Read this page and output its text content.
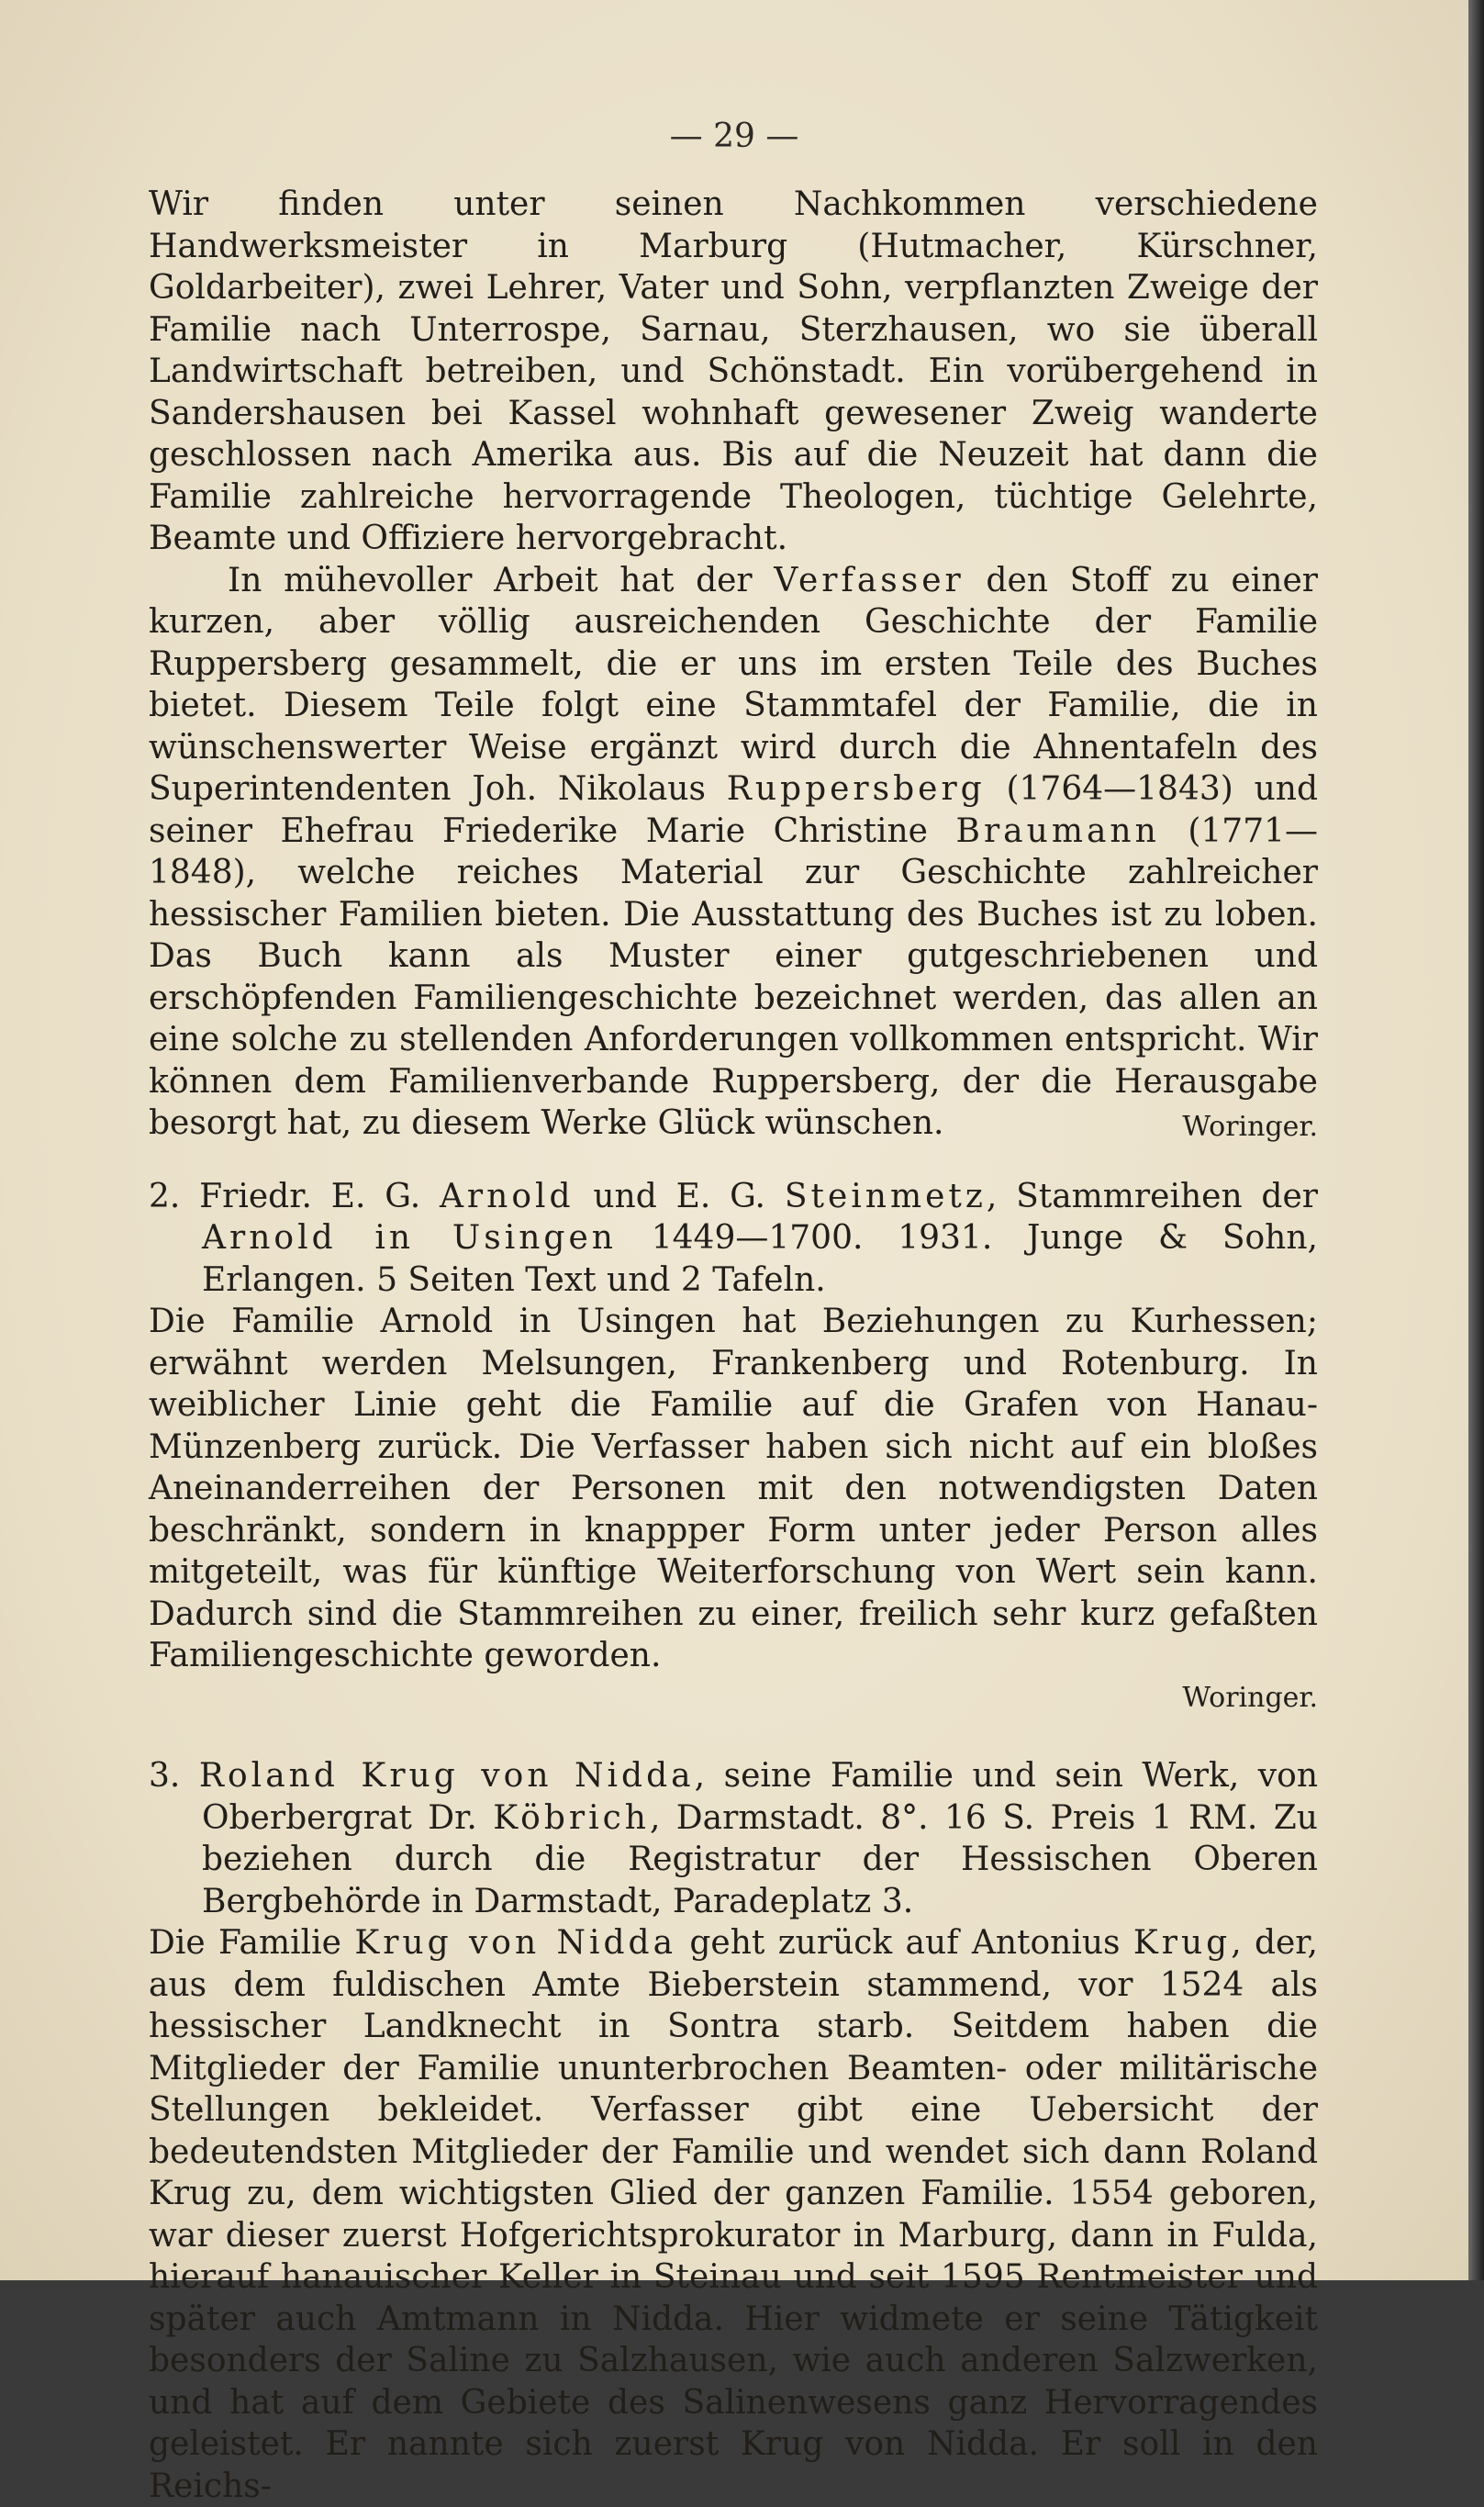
— 29 —

Wir finden unter seinen Nachkommen verschiedene Handwerksmeister in Marburg (Hutmacher, Kürschner, Goldarbeiter), zwei Lehrer, Vater und Sohn, verpflanzten Zweige der Familie nach Unterrospe, Sarnau, Sterzhausen, wo sie überall Landwirtschaft betreiben, und Schönstadt. Ein vorübergehend in Sandershausen bei Kassel wohnhaft gewesener Zweig wanderte geschlossen nach Amerika aus. Bis auf die Neuzeit hat dann die Familie zahlreiche hervorragende Theologen, tüchtige Gelehrte, Beamte und Offiziere hervorgebracht.

In mühevoller Arbeit hat der Verfasser den Stoff zu einer kurzen, aber völlig ausreichenden Geschichte der Familie Ruppersberg gesammelt, die er uns im ersten Teile des Buches bietet. Diesem Teile folgt eine Stammtafel der Familie, die in wünschenswerter Weise ergänzt wird durch die Ahnentafeln des Superintendenten Joh. Nikolaus Ruppersberg (1764—1843) und seiner Ehefrau Friederike Marie Christine Braumann (1771—1848), welche reiches Material zur Geschichte zahlreicher hessischer Familien bieten. Die Ausstattung des Buches ist zu loben. Das Buch kann als Muster einer gutgeschriebenen und erschöpfenden Familiengeschichte bezeichnet werden, das allen an eine solche zu stellenden Anforderungen vollkommen entspricht. Wir können dem Familienverbande Ruppersberg, der die Herausgabe besorgt hat, zu diesem Werke Glück wünschen.	Woringer.

2. Friedr. E. G. Arnold und E. G. Steinmetz, Stammreihen der Arnold in Usingen 1449—1700. 1931. Junge & Sohn, Erlangen. 5 Seiten Text und 2 Tafeln.

Die Familie Arnold in Usingen hat Beziehungen zu Kurhessen; erwähnt werden Melsungen, Frankenberg und Rotenburg. In weiblicher Linie geht die Familie auf die Grafen von Hanau-Münzenberg zurück. Die Verfasser haben sich nicht auf ein bloßes Aneinanderreihen der Personen mit den notwendigsten Daten beschränkt, sondern in knappper Form unter jeder Person alles mitgeteilt, was für künftige Weiterforschung von Wert sein kann. Dadurch sind die Stammreihen zu einer, freilich sehr kurz gefaßten Familiengeschichte geworden.

Woringer.

3. Roland Krug von Nidda, seine Familie und sein Werk, von Oberbergrat Dr. Köbrich, Darmstadt. 8°. 16 S. Preis 1 RM. Zu beziehen durch die Registratur der Hessischen Oberen Bergbehörde in Darmstadt, Paradeplatz 3.

Die Familie Krug von Nidda geht zurück auf Antonius Krug, der, aus dem fuldischen Amte Bieberstein stammend, vor 1524 als hessischer Landknecht in Sontra starb. Seitdem haben die Mitglieder der Familie ununterbrochen Beamten- oder militärische Stellungen bekleidet. Verfasser gibt eine Uebersicht der bedeutendsten Mitglieder der Familie und wendet sich dann Roland Krug zu, dem wichtigsten Glied der ganzen Familie. 1554 geboren, war dieser zuerst Hofgerichtsprokurator in Marburg, dann in Fulda, hierauf hanauischer Keller in Steinau und seit 1595 Rentmeister und später auch Amtmann in Nidda. Hier widmete er seine Tätigkeit besonders der Saline zu Salzhausen, wie auch anderen Salzwerken, und hat auf dem Gebiete des Salinenwesens ganz Hervorragendes geleistet. Er nannte sich zuerst Krug von Nidda. Er soll in den Reichs-
